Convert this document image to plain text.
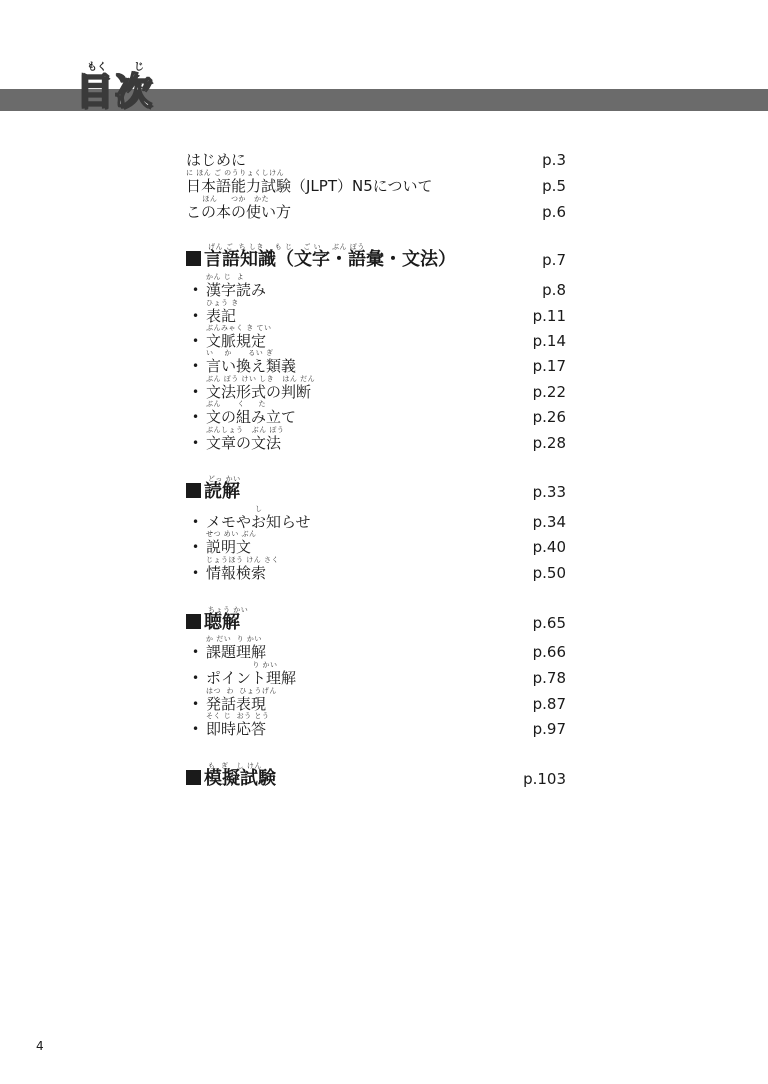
もく	じ
目次
はじめに	p.3
に ほん ご のうりょくしけん
日本語能力試験（JLPT）N5について	p.5
ほん     つか   かた
この本の使い方	p.6
げん ご  ち しき    も じ    ご い    ぶん ぽう
言語知識（文字・語彙・文法）	p.7
かん じ  よ
• 漢字読み	p.8
ひょう き
• 表記	p.11
ぶんみゃく き てい
• 文脈規定	p.14
い    か      るい ぎ
• 言い換え類義	p.17
ぶん ぽう けい しき   はん だん
• 文法形式の判断	p.22
ぶん      く     た
• 文の組み立て	p.26
ぶんしょう   ぶん ぽう
• 文章の文法	p.28
どっ かい
読解	p.33
し
• メモやお知らせ	p.34
せつ めい ぶん
• 説明文	p.40
じょうほう けん さく
• 情報検索	p.50
ちょう かい
聴解	p.65
か だい  り かい
• 課題理解	p.66
り かい
• ポイント理解	p.78
はつ  わ  ひょうげん
• 発話表現	p.87
そく じ  おう とう
• 即時応答	p.97
も  ぎ   し けん
模擬試験	p.103
4
